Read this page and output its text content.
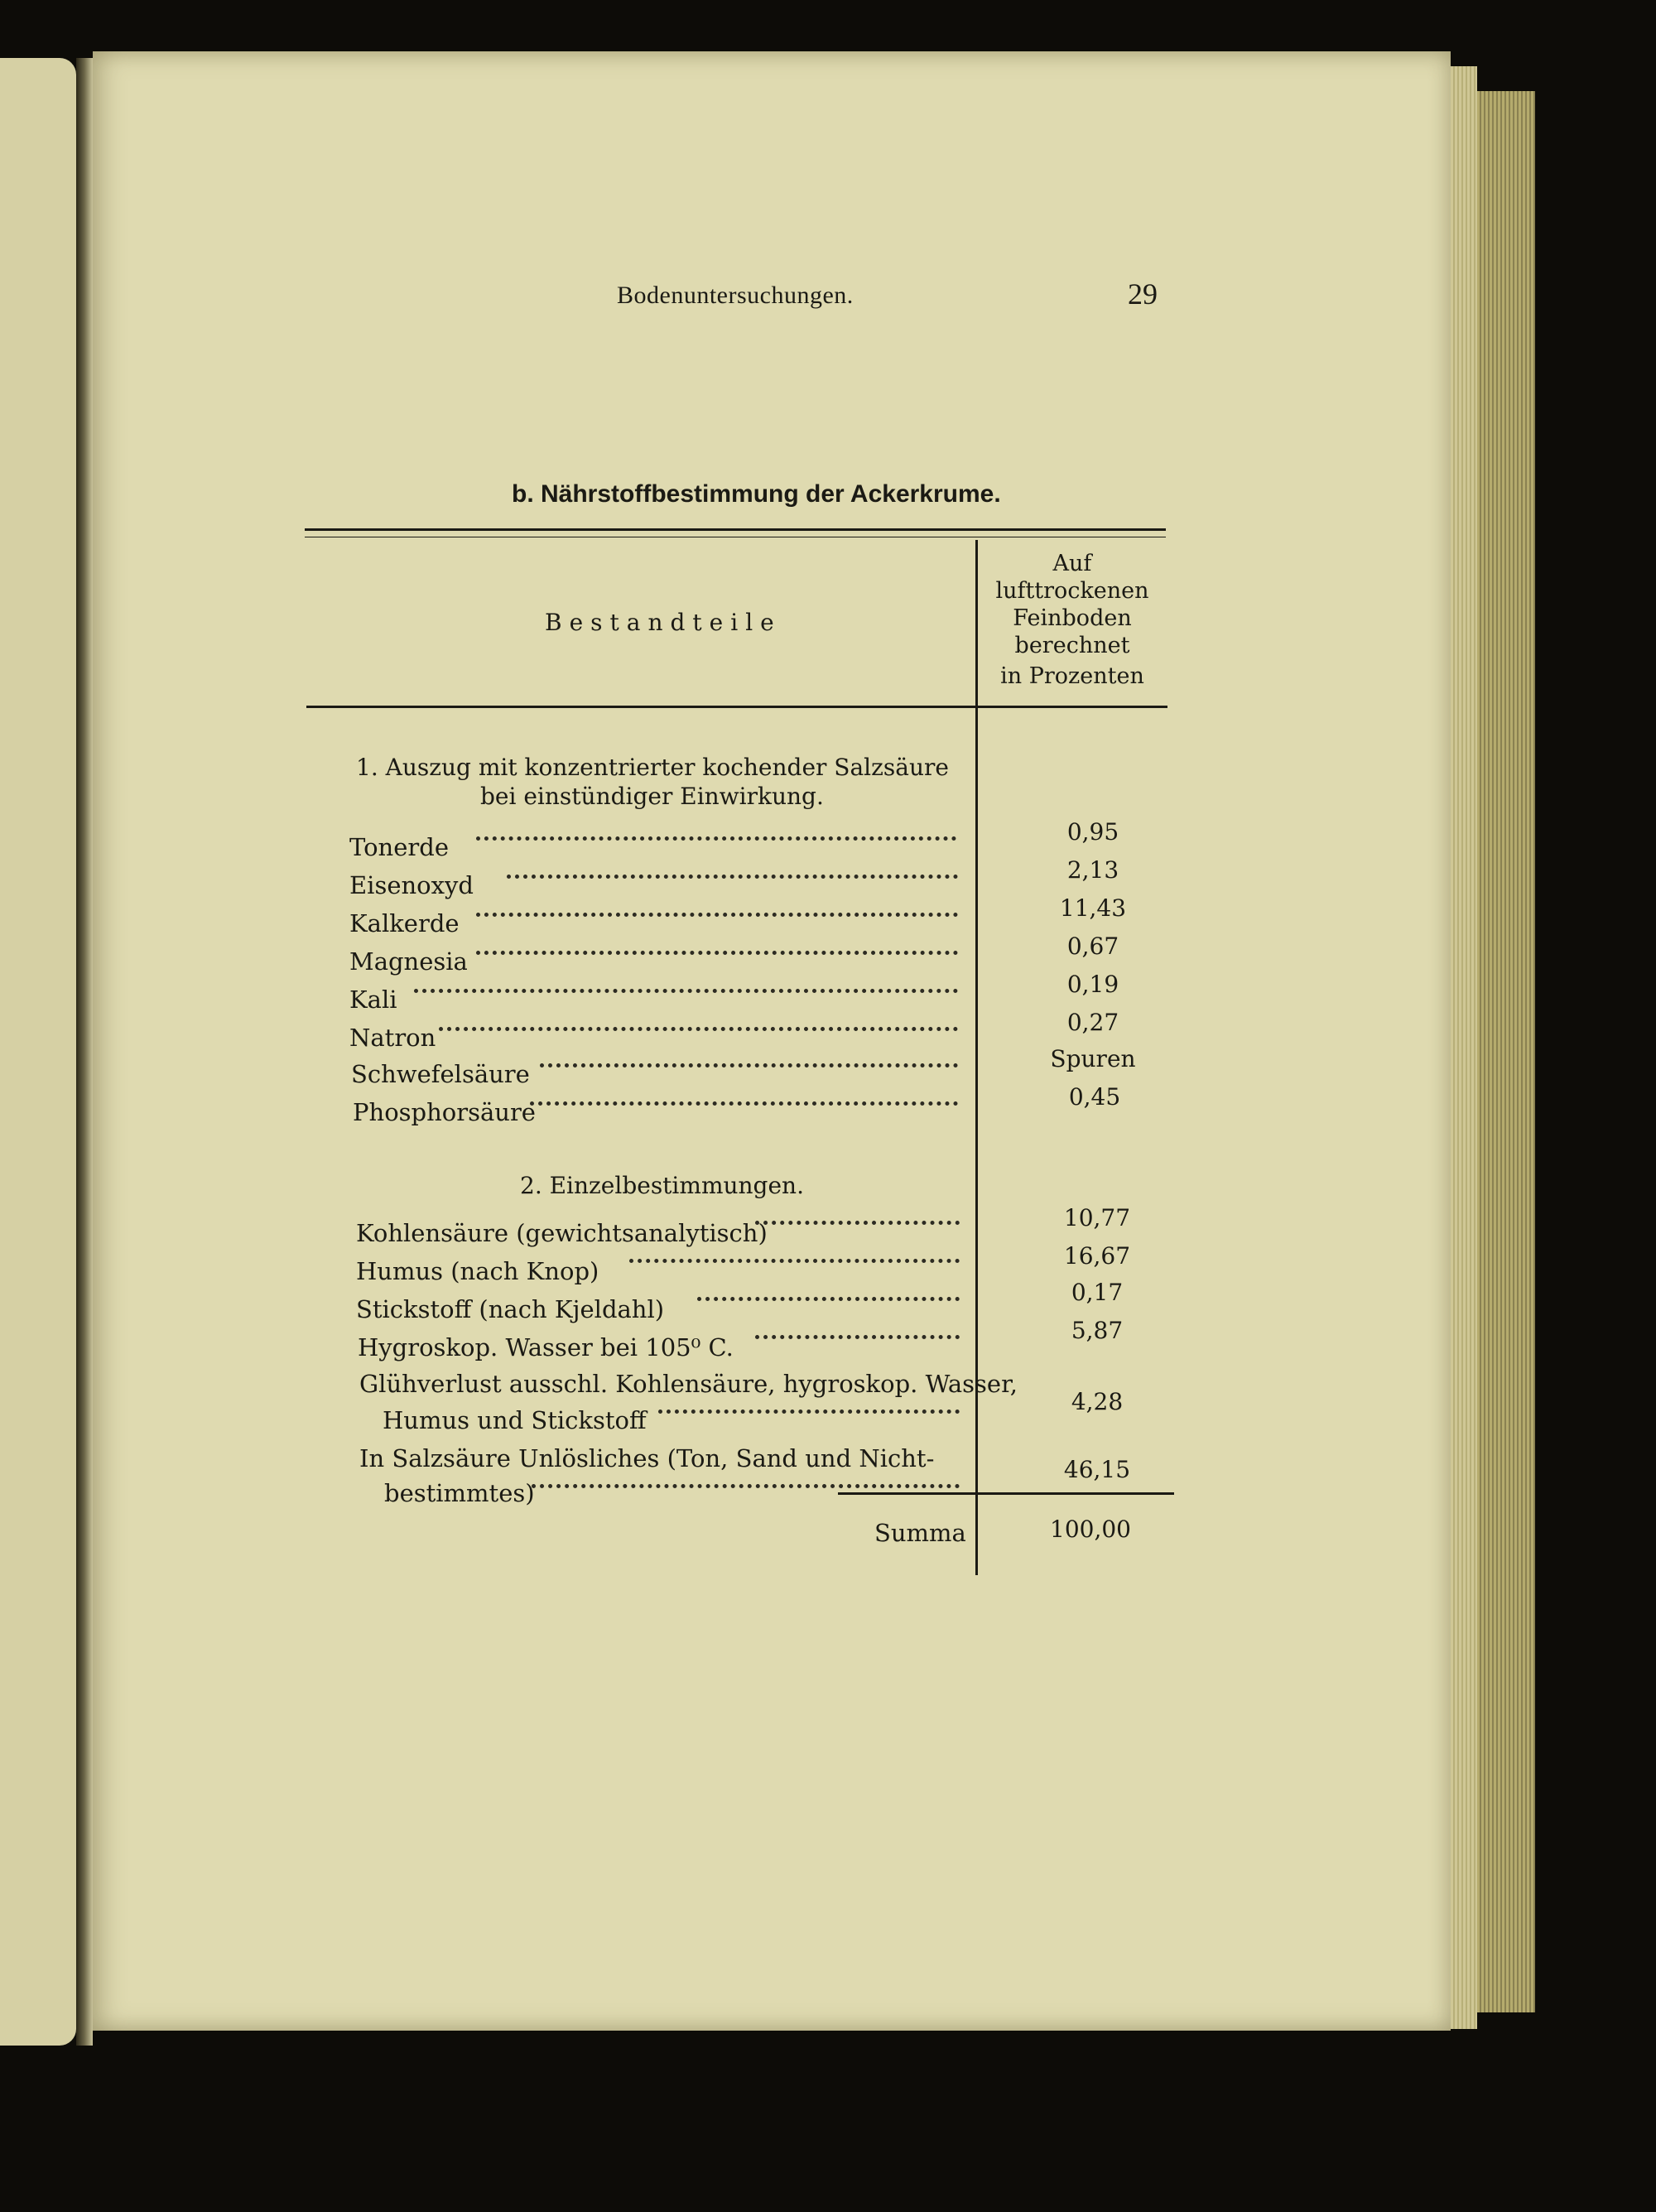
Bodenuntersuchungen.	29
b. Nährstoffbestimmung der Ackerkrume.
Bestandteile
Auf
lufttrockenen
Feinboden
berechnet
in Prozenten
1. Auszug mit konzentrierter kochender Salzsäure
bei einstündiger Einwirkung.
Tonerde
0,95
Eisenoxyd
2,13
Kalkerde
11,43
Magnesia
0,67
Kali
0,19
Natron
0,27
Schwefelsäure
Spuren
Phosphorsäure
0,45
2. Einzelbestimmungen.
Kohlensäure (gewichtsanalytisch)
10,77
Humus (nach Knop)
16,67
Stickstoff (nach Kjeldahl)
0,17
Hygroskop. Wasser bei 105⁰ C.
5,87
Glühverlust ausschl. Kohlensäure, hygroskop. Wasser,
Humus und Stickstoff
4,28
In Salzsäure Unlösliches (Ton, Sand und Nicht-
bestimmtes)
46,15
Summa	100,00
